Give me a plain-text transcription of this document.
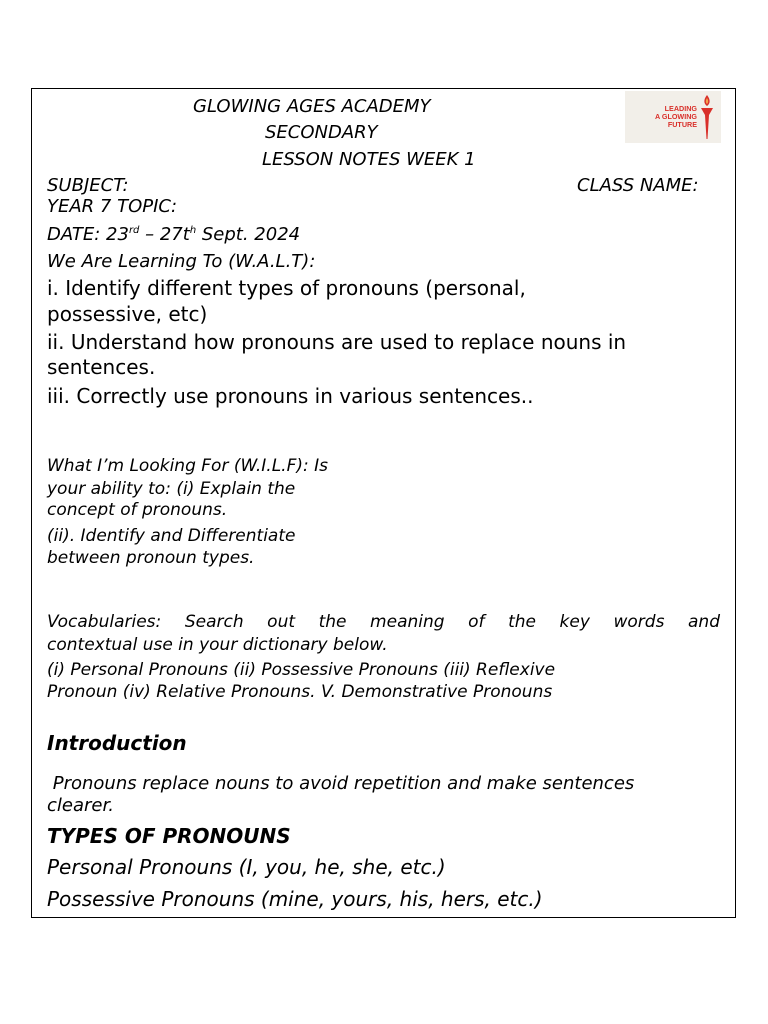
GLOWING AGES ACADEMY
SECONDARY
LESSON NOTES WEEK 1
LEADING
A GLOWING
FUTURE
SUBJECT:	CLASS NAME:
YEAR 7 TOPIC:
DATE: $23rd - 27t^h$ Sept. 2024
We Are Learning To (W.A.L.T):
i. Identify different types of pronouns (personal,
possessive, etc)
ii. Understand how pronouns are used to replace nouns in
sentences.
iii. Correctly use pronouns in various sentences..
What I’m Looking For (W.I.L.F): Is
your ability to: (i) Explain the
concept of pronouns.
(ii). Identify and Differentiate
between pronoun types.
Vocabularies: Search out the meaning of the key words and
contextual use in your dictionary below.
(i) Personal Pronouns (ii) Possessive Pronouns (iii) Reflexive
Pronoun (iv) Relative Pronouns. V. Demonstrative Pronouns
Introduction
Pronouns replace nouns to avoid repetition and make sentences
clearer.
TYPES OF PRONOUNS
Personal Pronouns (I, you, he, she, etc.)
Possessive Pronouns (mine, yours, his, hers, etc.)
